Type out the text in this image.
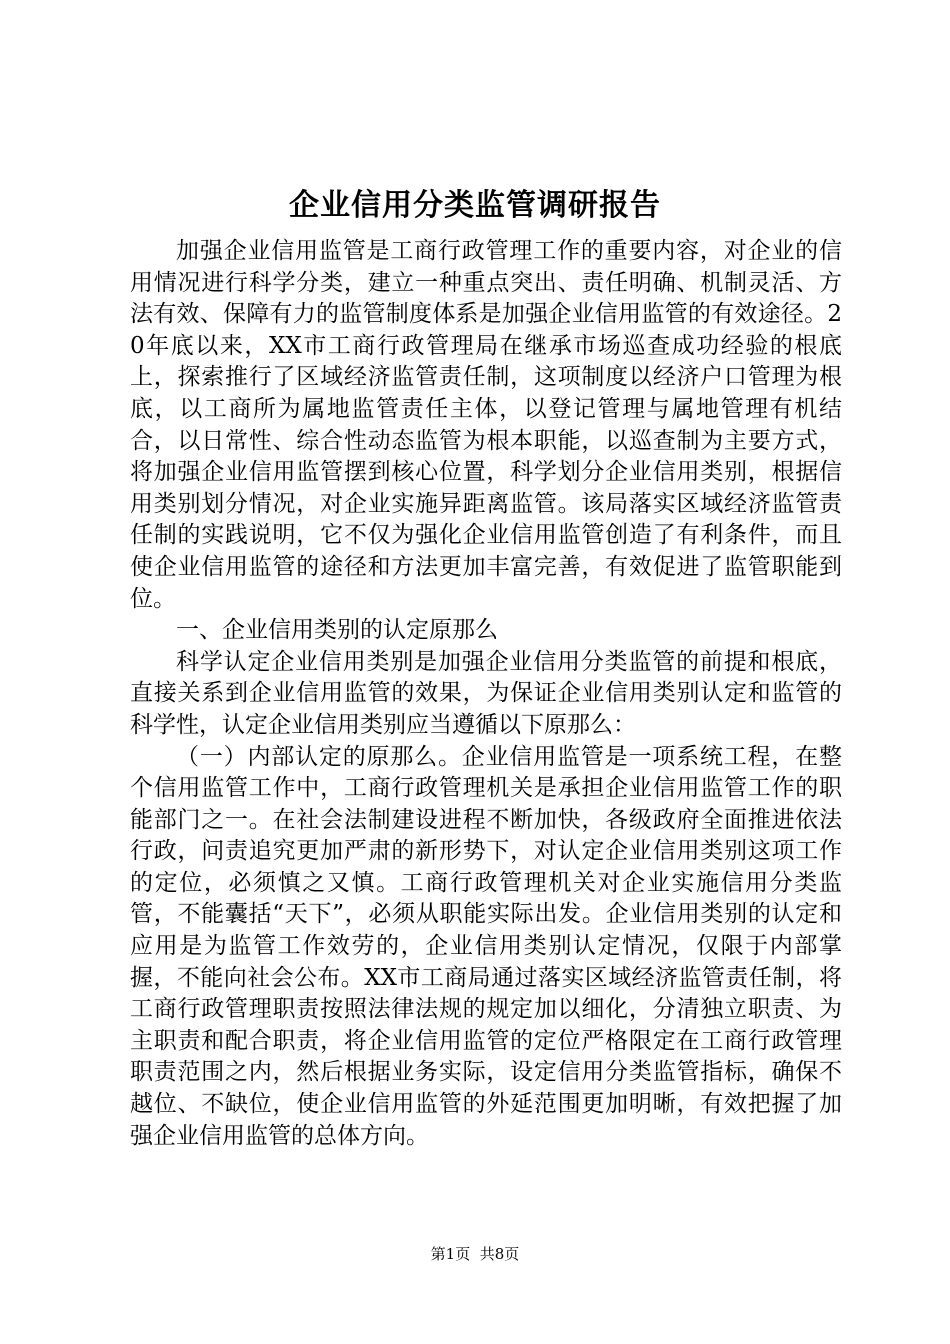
企业信用分类监管调研报告

加强企业信用监管是工商行政管理工作的重要内容，对企业的信用情况进行科学分类，建立一种重点突出、责任明确、机制灵活、方法有效、保障有力的监管制度体系是加强企业信用监管的有效途径。20年底以来，XX市工商行政管理局在继承市场巡查成功经验的根底上，探索推行了区域经济监管责任制，这项制度以经济户口管理为根底，以工商所为属地监管责任主体，以登记管理与属地管理有机结合，以日常性、综合性动态监管为根本职能，以巡查制为主要方式，将加强企业信用监管摆到核心位置，科学划分企业信用类别，根据信用类别划分情况，对企业实施异距离监管。该局落实区域经济监管责任制的实践说明，它不仅为强化企业信用监管创造了有利条件，而且使企业信用监管的途径和方法更加丰富完善，有效促进了监管职能到位。

一、企业信用类别的认定原那么

科学认定企业信用类别是加强企业信用分类监管的前提和根底，直接关系到企业信用监管的效果，为保证企业信用类别认定和监管的科学性，认定企业信用类别应当遵循以下原那么：

（一）内部认定的原那么。企业信用监管是一项系统工程，在整个信用监管工作中，工商行政管理机关是承担企业信用监管工作的职能部门之一。在社会法制建设进程不断加快，各级政府全面推进依法行政，问责追究更加严肃的新形势下，对认定企业信用类别这项工作的定位，必须慎之又慎。工商行政管理机关对企业实施信用分类监管，不能囊括“天下”，必须从职能实际出发。企业信用类别的认定和应用是为监管工作效劳的，企业信用类别认定情况，仅限于内部掌握，不能向社会公布。XX市工商局通过落实区域经济监管责任制，将工商行政管理职责按照法律法规的规定加以细化，分清独立职责、为主职责和配合职责，将企业信用监管的定位严格限定在工商行政管理职责范围之内，然后根据业务实际，设定信用分类监管指标，确保不越位、不缺位，使企业信用监管的外延范围更加明晰，有效把握了加强企业信用监管的总体方向。

第1页 共8页
